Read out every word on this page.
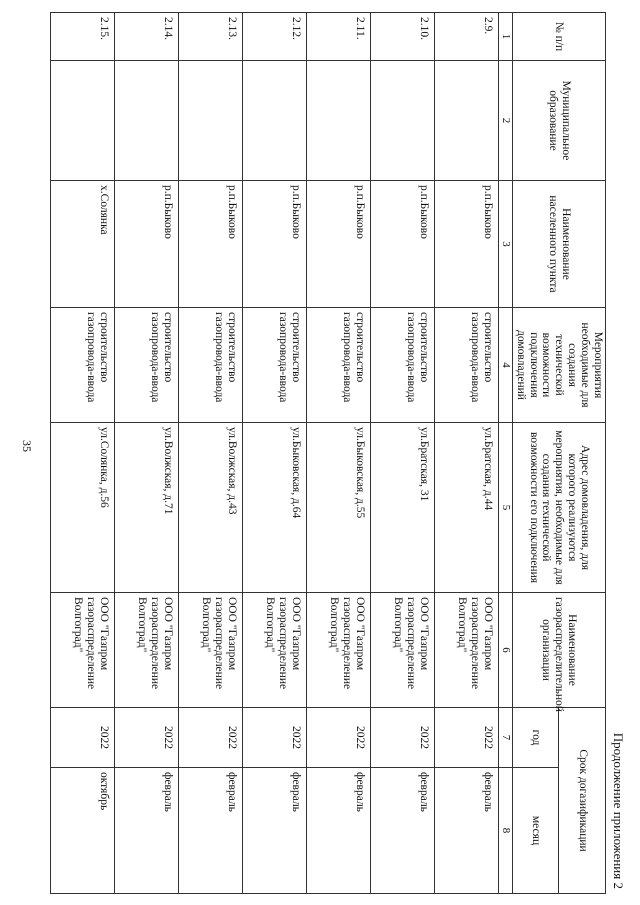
35
Продолжение приложения 2
№ п/п	Муниципальное образование	Наименование населенного пункта	Мероприятия необходимые для создания технической возможности подключения домовладений	Адрес домовладения, для которого реализуются мероприятия, необходимые для создания технической возможности его подключения	Наименование газораспределительной организации	Срок догазификации	
						год	месяц
1	2	3	4	5	6	7	8
2.9.		р.п.Быково	строительство газопровода-ввода	ул.Братская, д.44	ООО "Газпром газораспределение Волгоград"	2022	февраль
2.10.		р.п.Быково	строительство газопровода-ввода	ул.Братская, 31	ООО "Газпром газораспределение Волгоград"	2022	февраль
2.11.		р.п.Быково	строительство газопровода-ввода	ул.Быковская, д.55	ООО "Газпром газораспределение Волгоград"	2022	февраль
2.12.		р.п.Быково	строительство газопровода-ввода	ул.Быковская, д.64	ООО "Газпром газораспределение Волгоград"	2022	февраль
2.13.		р.п.Быково	строительство газопровода-ввода	ул.Волжская, д.43	ООО "Газпром газораспределение Волгоград"	2022	февраль
2.14.		р.п.Быково	строительство газопровода-ввода	ул.Волжская, д.71	ООО "Газпром газораспределение Волгоград"	2022	февраль
2.15.		х.Солянка	строительство газопровода-ввода	ул.Солянка, д.56	ООО "Газпром газораспределение Волгоград"	2022	октябрь
